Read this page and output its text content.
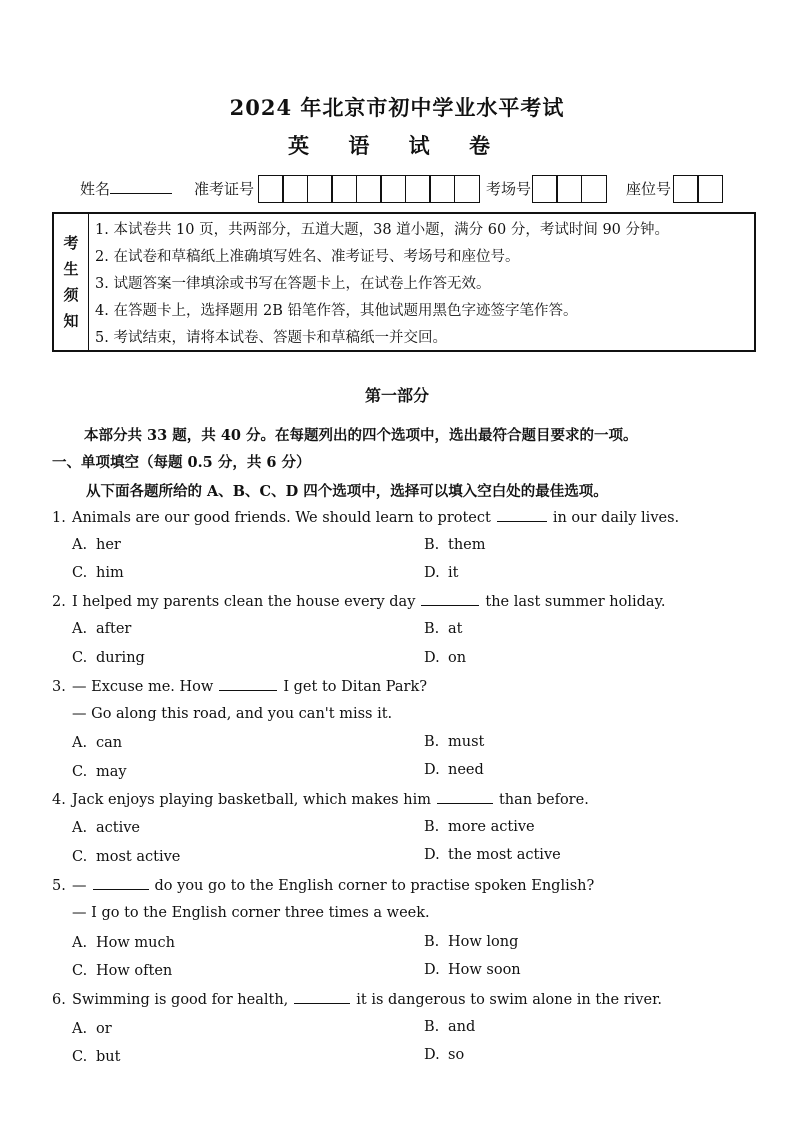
2024 年北京市初中学业水平考试
英 语 试 卷
姓名	准考证号	考场号	座位号
考
生
须
知
1. 本试卷共 10 页，共两部分，五道大题，38 道小题，满分 60 分，考试时间 90 分钟。
2. 在试卷和草稿纸上准确填写姓名、准考证号、考场号和座位号。
3. 试题答案一律填涂或书写在答题卡上，在试卷上作答无效。
4. 在答题卡上，选择题用 2B 铅笔作答，其他试题用黑色字迹签字笔作答。
5. 考试结束，请将本试卷、答题卡和草稿纸一并交回。
第一部分
本部分共 33 题，共 40 分。在每题列出的四个选项中，选出最符合题目要求的一项。
一、单项填空（每题 0.5 分，共 6 分）
从下面各题所给的 A、B、C、D 四个选项中，选择可以填入空白处的最佳选项。
1. Animals are our good friends. We should learn to protect	in our daily lives.
A. her	B. them
C. him	D. it
2. I helped my parents clean the house every day	the last summer holiday.
A. after	B. at
C. during	D. on
3. — Excuse me. How	I get to Ditan Park?
— Go along this road, and you can't miss it.
A. can	B. must
C. may	D. need
4. Jack enjoys playing basketball, which makes him	than before.
A. active	B. more active
C. most active	D. the most active
5. —	do you go to the English corner to practise spoken English?
— I go to the English corner three times a week.
A. How much	B. How long
C. How often	D. How soon
6. Swimming is good for health,	it is dangerous to swim alone in the river.
A. or	B. and
C. but	D. so
